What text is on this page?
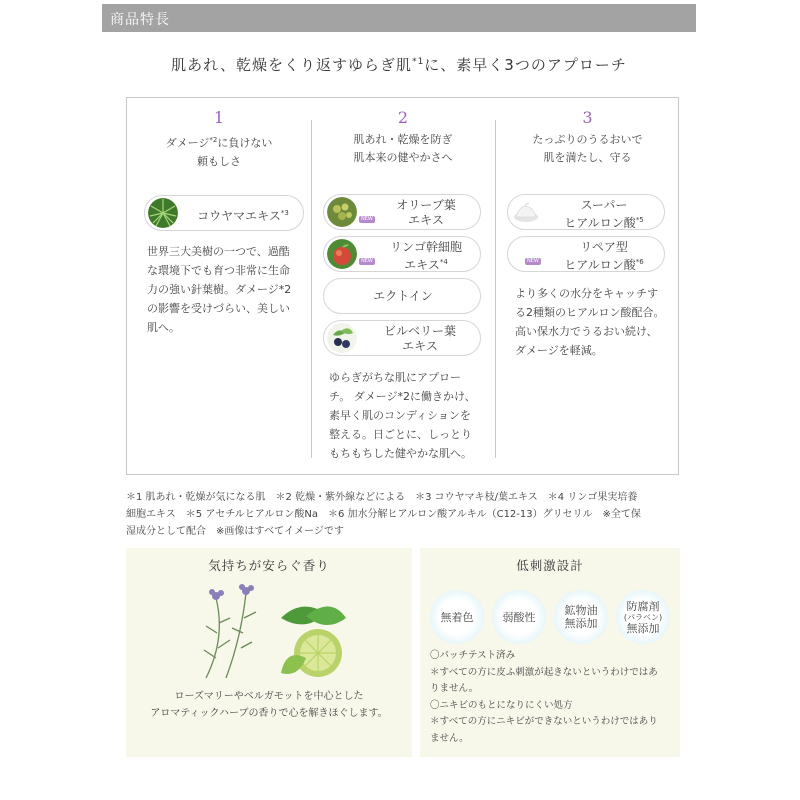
商品特長
肌あれ、乾燥をくり返すゆらぎ肌$^{*1}$に、素早く3つのアプローチ
1
ダメージ$^{*2}$に負けない
頼もしさ
コウヤマエキス$^{*3}$
世界三大美樹の一つで、過酷
な環境下でも育つ非常に生命
力の強い針葉樹。ダメージ*2
の影響を受けづらい、美しい
肌へ。
2
肌あれ・乾燥を防ぎ
肌本来の健やかさへ
NEW
オリーブ葉
エキス
NEW
リンゴ幹細胞
エキス$^{*4}$
エクトイン
ビルベリー葉
エキス
ゆらぎがちな肌にアプロー
チ。 ダメージ*2に働きかけ、
素早く肌のコンディションを
整える。日ごとに、しっとり
もちもちした健やかな肌へ。
3
たっぷりのうるおいで
肌を満たし、守る
スーパー
ヒアルロン酸$^{*5}$
NEW
リペア型
ヒアルロン酸$^{*6}$
より多くの水分をキャッチす
る2種類のヒアルロン酸配合。
高い保水力でうるおい続け、
ダメージを軽減。
＊1 肌あれ・乾燥が気になる肌　＊2 乾燥・紫外線などによる　＊3 コウヤマキ枝/葉エキス　＊4 リンゴ果実培養
細胞エキス　＊5 アセチルヒアルロン酸Na　＊6 加水分解ヒアルロン酸アルキル（C12-13）グリセリル　※全て保
湿成分として配合　※画像はすべてイメージです
気持ちが安らぐ香り
ローズマリーやベルガモットを中心とした
アロマティックハーブの香りで心を解きほぐします。
低刺激設計
無着色	弱酸性	鉱物油
無添加
防腐剤
(パラベン)
無添加
〇パッチテスト済み
＊すべての方に皮ふ刺激が起きないというわけではあ
りません。
〇ニキビのもとになりにくい処方
＊すべての方にニキビができないというわけではあり
ません。
